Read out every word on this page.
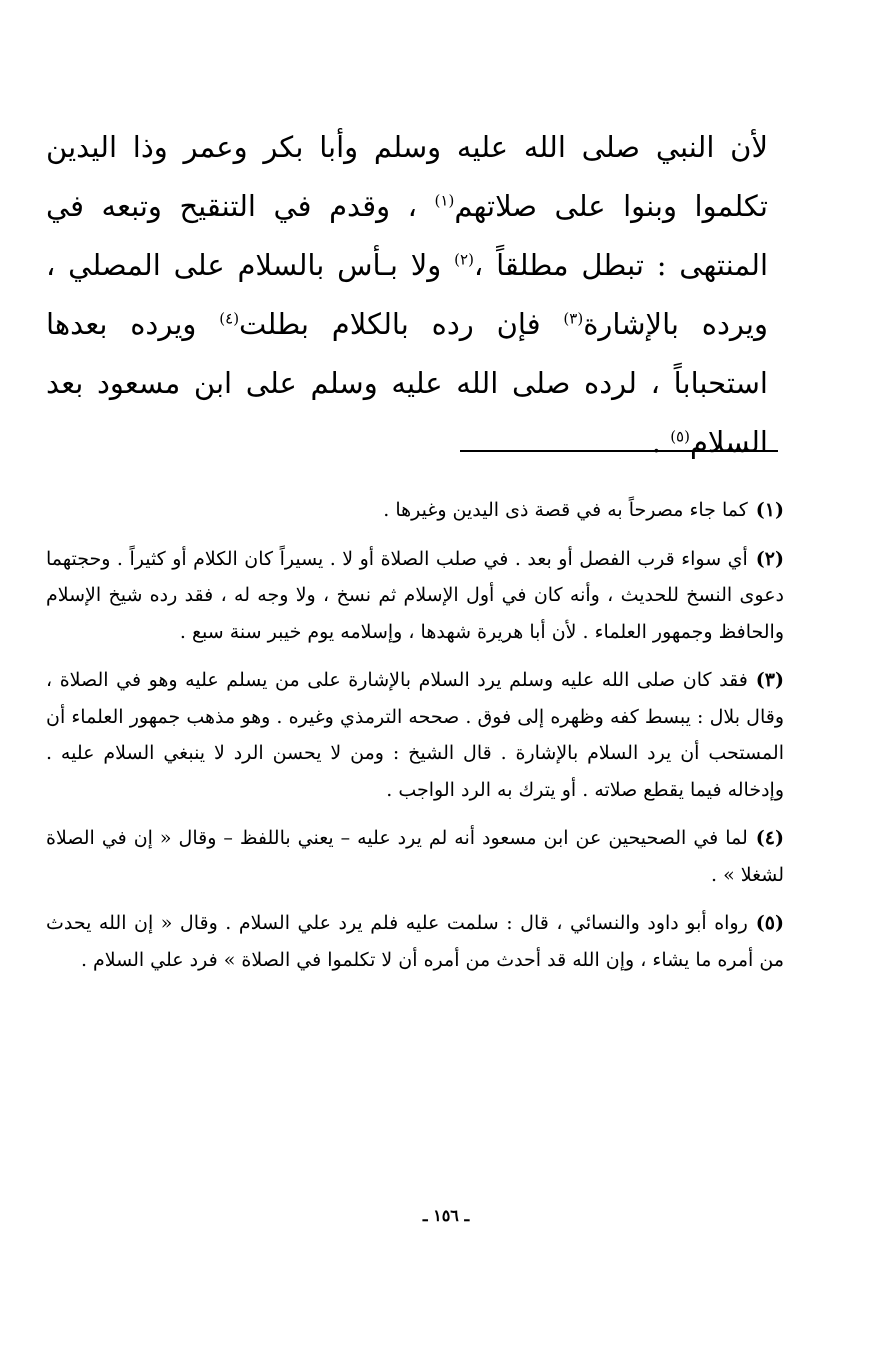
لأن النبي صلى الله عليه وسلم وأبا بكر وعمر وذا اليدين تكلموا وبنوا على صلاتهم$^{(١)}$ ، وقدم في التنقيح وتبعه في المنتهى : تبطل مطلقاً ،$^{(٢)}$ ولا بـأس بالسلام على المصلي ، ويرده بالإشارة$^{(٣)}$ فإن رده بالكلام بطلت$^{(٤)}$ ويرده بعدها استحباباً ، لرده صلى الله عليه وسلم على ابن مسعود بعد السلام$^{(٥)}$ .

(١)كما جاء مصرحاً به في قصة ذى اليدين وغيرها .

(٢)أي سواء قرب الفصل أو بعد . في صلب الصلاة أو لا . يسيراً كان الكلام أو كثيراً . وحجتهما دعوى النسخ للحديث ، وأنه كان في أول الإسلام ثم نسخ ، ولا وجه له ، فقد رده شيخ الإسلام والحافظ وجمهور العلماء . لأن أبا هريرة شهدها ، وإسلامه يوم خيبر سنة سبع .

(٣)فقد كان صلى الله عليه وسلم يرد السلام بالإشارة على من يسلم عليه وهو في الصلاة ، وقال بلال : يبسط كفه وظهره إلى فوق . صححه الترمذي وغيره . وهو مذهب جمهور العلماء أن المستحب أن يرد السلام بالإشارة . قال الشيخ : ومن لا يحسن الرد لا ينبغي السلام عليه . وإدخاله فيما يقطع صلاته . أو يترك به الرد الواجب .

(٤)لما في الصحيحين عن ابن مسعود أنه لم يرد عليه – يعني باللفظ – وقال « إن في الصلاة لشغلا » .

(٥)رواه أبو داود والنسائي ، قال : سلمت عليه فلم يرد علي السلام . وقال « إن الله يحدث من أمره ما يشاء ، وإن الله قد أحدث من أمره أن لا تكلموا في الصلاة » فرد علي السلام .

ـ ١٥٦ ـ
